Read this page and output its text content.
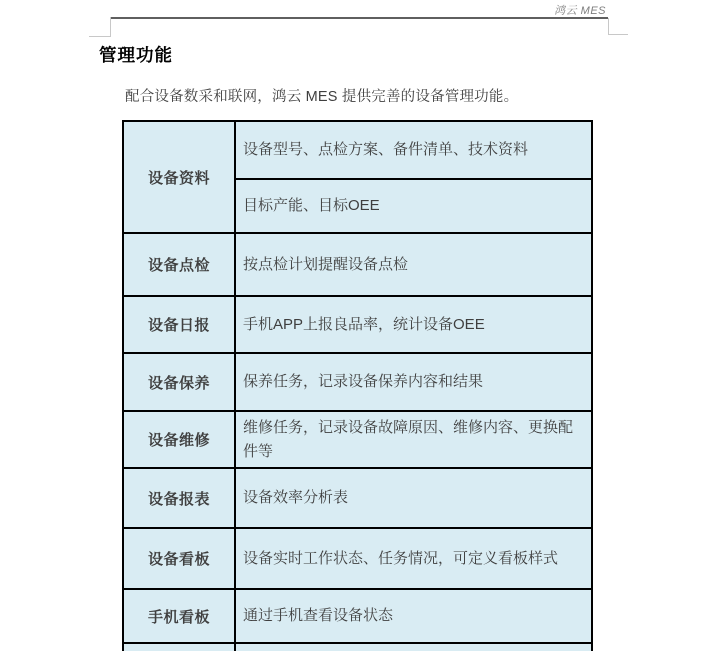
鸿云 MES
管理功能

配合设备数采和联网，鸿云 MES 提供完善的设备管理功能。

设备资料	设备型号、点检方案、备件清单、技术资料
	目标产能、目标OEE
设备点检	按点检计划提醒设备点检
设备日报	手机APP上报良品率，统计设备OEE
设备保养	保养任务，记录设备保养内容和结果
设备维修	维修任务，记录设备故障原因、维修内容、更换配件等
设备报表	设备效率分析表
设备看板	设备实时工作状态、任务情况，可定义看板样式
手机看板	通过手机查看设备状态
